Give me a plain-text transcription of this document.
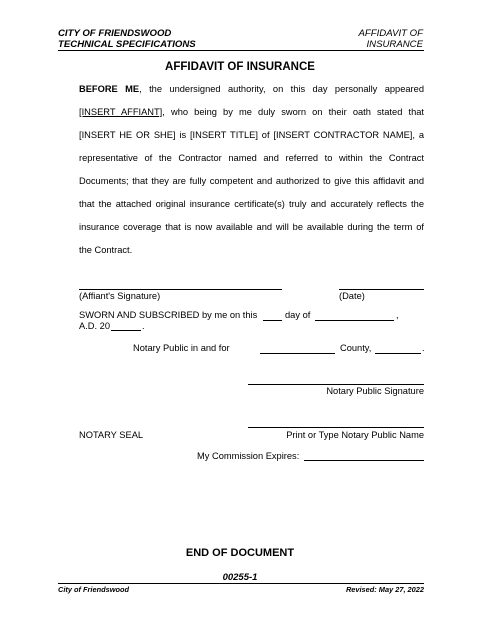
CITY OF FRIENDSWOOD
TECHNICAL SPECIFICATIONS
AFFIDAVIT OF
INSURANCE
AFFIDAVIT OF INSURANCE
BEFORE ME, the undersigned authority, on this day personally appeared
[INSERT AFFIANT], who being by me duly sworn on their oath stated that
[INSERT HE OR SHE] is [INSERT TITLE] of [INSERT CONTRACTOR NAME], a
representative of the Contractor named and referred to within the Contract
Documents; that they are fully competent and authorized to give this affidavit and
that the attached original insurance certificate(s) truly and accurately reflects the
insurance coverage that is now available and will be available during the term of
the Contract.
(Affiant's Signature)	(Date)
SWORN AND SUBSCRIBED by me on this	day of	,
A.D. 20	.
Notary Public in and for	County,	.
Notary Public Signature
NOTARY SEAL	Print or Type Notary Public Name
My Commission Expires:
END OF DOCUMENT
00255-1
City of Friendswood	Revised: May 27, 2022
